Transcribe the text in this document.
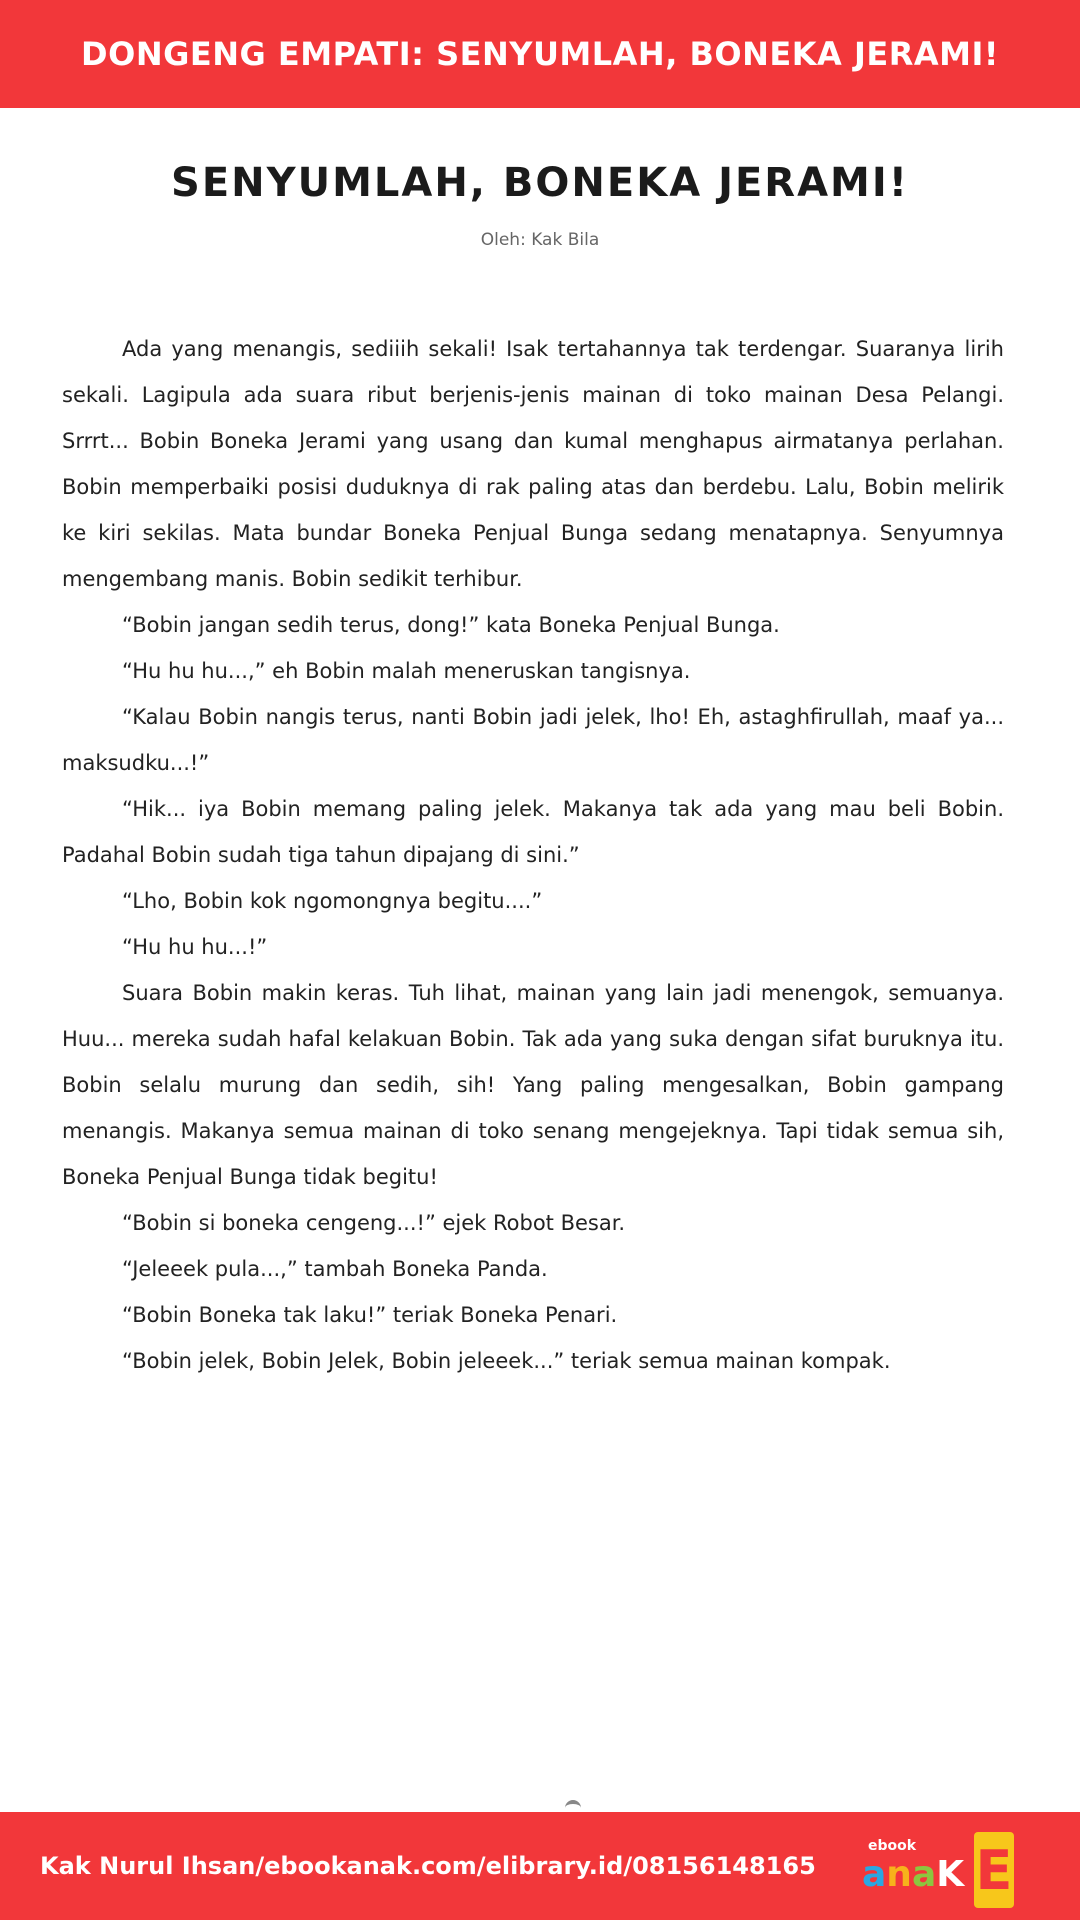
DONGENG EMPATI: SENYUMLAH, BONEKA JERAMI!
SENYUMLAH, BONEKA JERAMI!
Oleh: Kak Bila

Ada yang menangis, sediiih sekali! Isak tertahannya tak terdengar. Suaranya lirih sekali. Lagipula ada suara ribut berjenis-jenis mainan di toko mainan Desa Pelangi. Srrrt... Bobin Boneka Jerami yang usang dan kumal menghapus airmatanya perlahan. Bobin memperbaiki posisi duduknya di rak paling atas dan berdebu. Lalu, Bobin melirik ke kiri sekilas. Mata bundar Boneka Penjual Bunga sedang menatapnya. Senyumnya mengembang manis. Bobin sedikit terhibur.

“Bobin jangan sedih terus, dong!” kata Boneka Penjual Bunga.

“Hu hu hu...,” eh Bobin malah meneruskan tangisnya.

“Kalau Bobin nangis terus, nanti Bobin jadi jelek, lho! Eh, astaghfirullah, maaf ya... maksudku...!”

“Hik... iya Bobin memang paling jelek. Makanya tak ada yang mau beli Bobin. Padahal Bobin sudah tiga tahun dipajang di sini.”

“Lho, Bobin kok ngomongnya begitu....”

“Hu hu hu...!”

Suara Bobin makin keras. Tuh lihat, mainan yang lain jadi menengok, semuanya. Huu... mereka sudah hafal kelakuan Bobin. Tak ada yang suka dengan sifat buruknya itu. Bobin selalu murung dan sedih, sih! Yang paling mengesalkan, Bobin gampang menangis. Makanya semua mainan di toko senang mengejeknya. Tapi tidak semua sih, Boneka Penjual Bunga tidak begitu!

“Bobin si boneka cengeng...!” ejek Robot Besar.

“Jeleeek pula...,” tambah Boneka Panda.

“Bobin Boneka tak laku!” teriak Boneka Penari.

“Bobin jelek, Bobin Jelek, Bobin jeleeek...” teriak semua mainan kompak.

Kak Nurul Ihsan/ebookanak.com/elibrary.id/08156148165
ebook
anaK E
